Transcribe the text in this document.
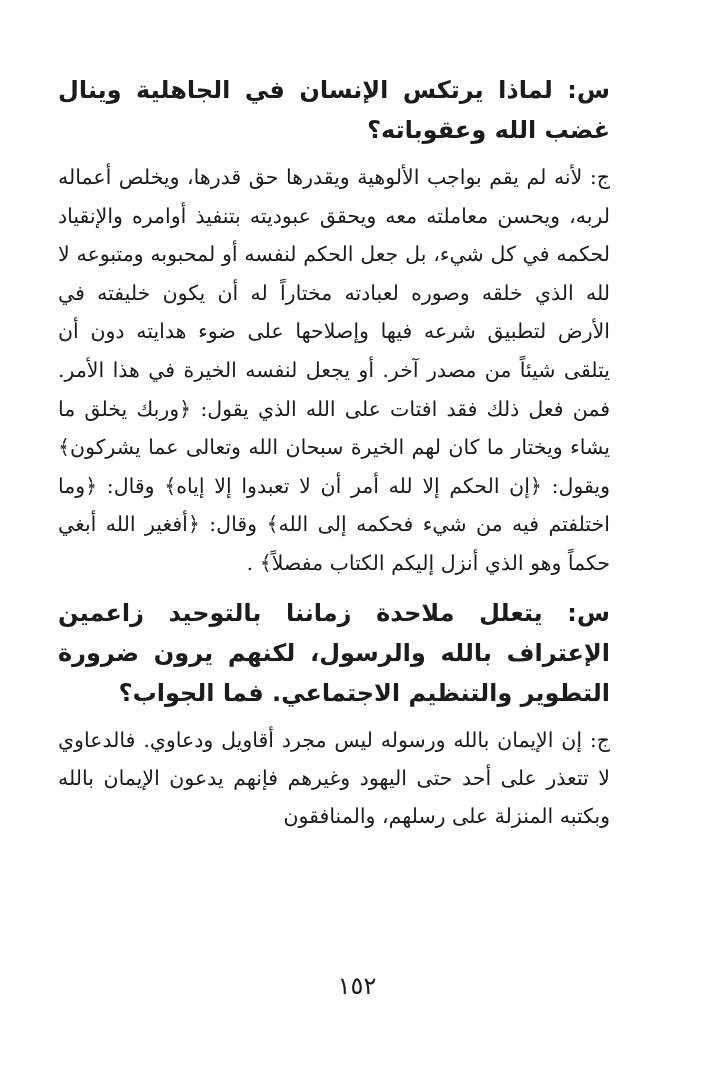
س: لماذا يرتكس الإنسان في الجاهلية وينال غضب الله وعقوباته؟

ج: لأنه لم يقم بواجب الألوهية ويقدرها حق قدرها، ويخلص أعماله لربه، ويحسن معاملته معه ويحقق عبوديته بتنفيذ أوامره والإنقياد لحكمه في كل شيء، بل جعل الحكم لنفسه أو لمحبوبه ومتبوعه لا لله الذي خلقه وصوره لعبادته مختاراً له أن يكون خليفته في الأرض لتطبيق شرعه فيها وإصلاحها على ضوء هدايته دون أن يتلقى شيئاً من مصدر آخر. أو يجعل لنفسه الخيرة في هذا الأمر. فمن فعل ذلك فقد افتات على الله الذي يقول: ﴿وربك يخلق ما يشاء ويختار ما كان لهم الخيرة سبحان الله وتعالى عما يشركون﴾ ويقول: ﴿إن الحكم إلا لله أمر أن لا تعبدوا إلا إياه﴾ وقال: ﴿وما اختلفتم فيه من شيء فحكمه إلى الله﴾ وقال: ﴿أفغير الله أبغي حكماً وهو الذي أنزل إليكم الكتاب مفصلاً﴾ .

س: يتعلل ملاحدة زماننا بالتوحيد زاعمين الإعتراف بالله والرسول، لكنهم يرون ضرورة التطوير والتنظيم الاجتماعي. فما الجواب؟

ج: إن الإيمان بالله ورسوله ليس مجرد أقاويل ودعاوي. فالدعاوي لا تتعذر على أحد حتى اليهود وغيرهم فإنهم يدعون الإيمان بالله وبكتبه المنزلة على رسلهم، والمنافقون

١٥٢
